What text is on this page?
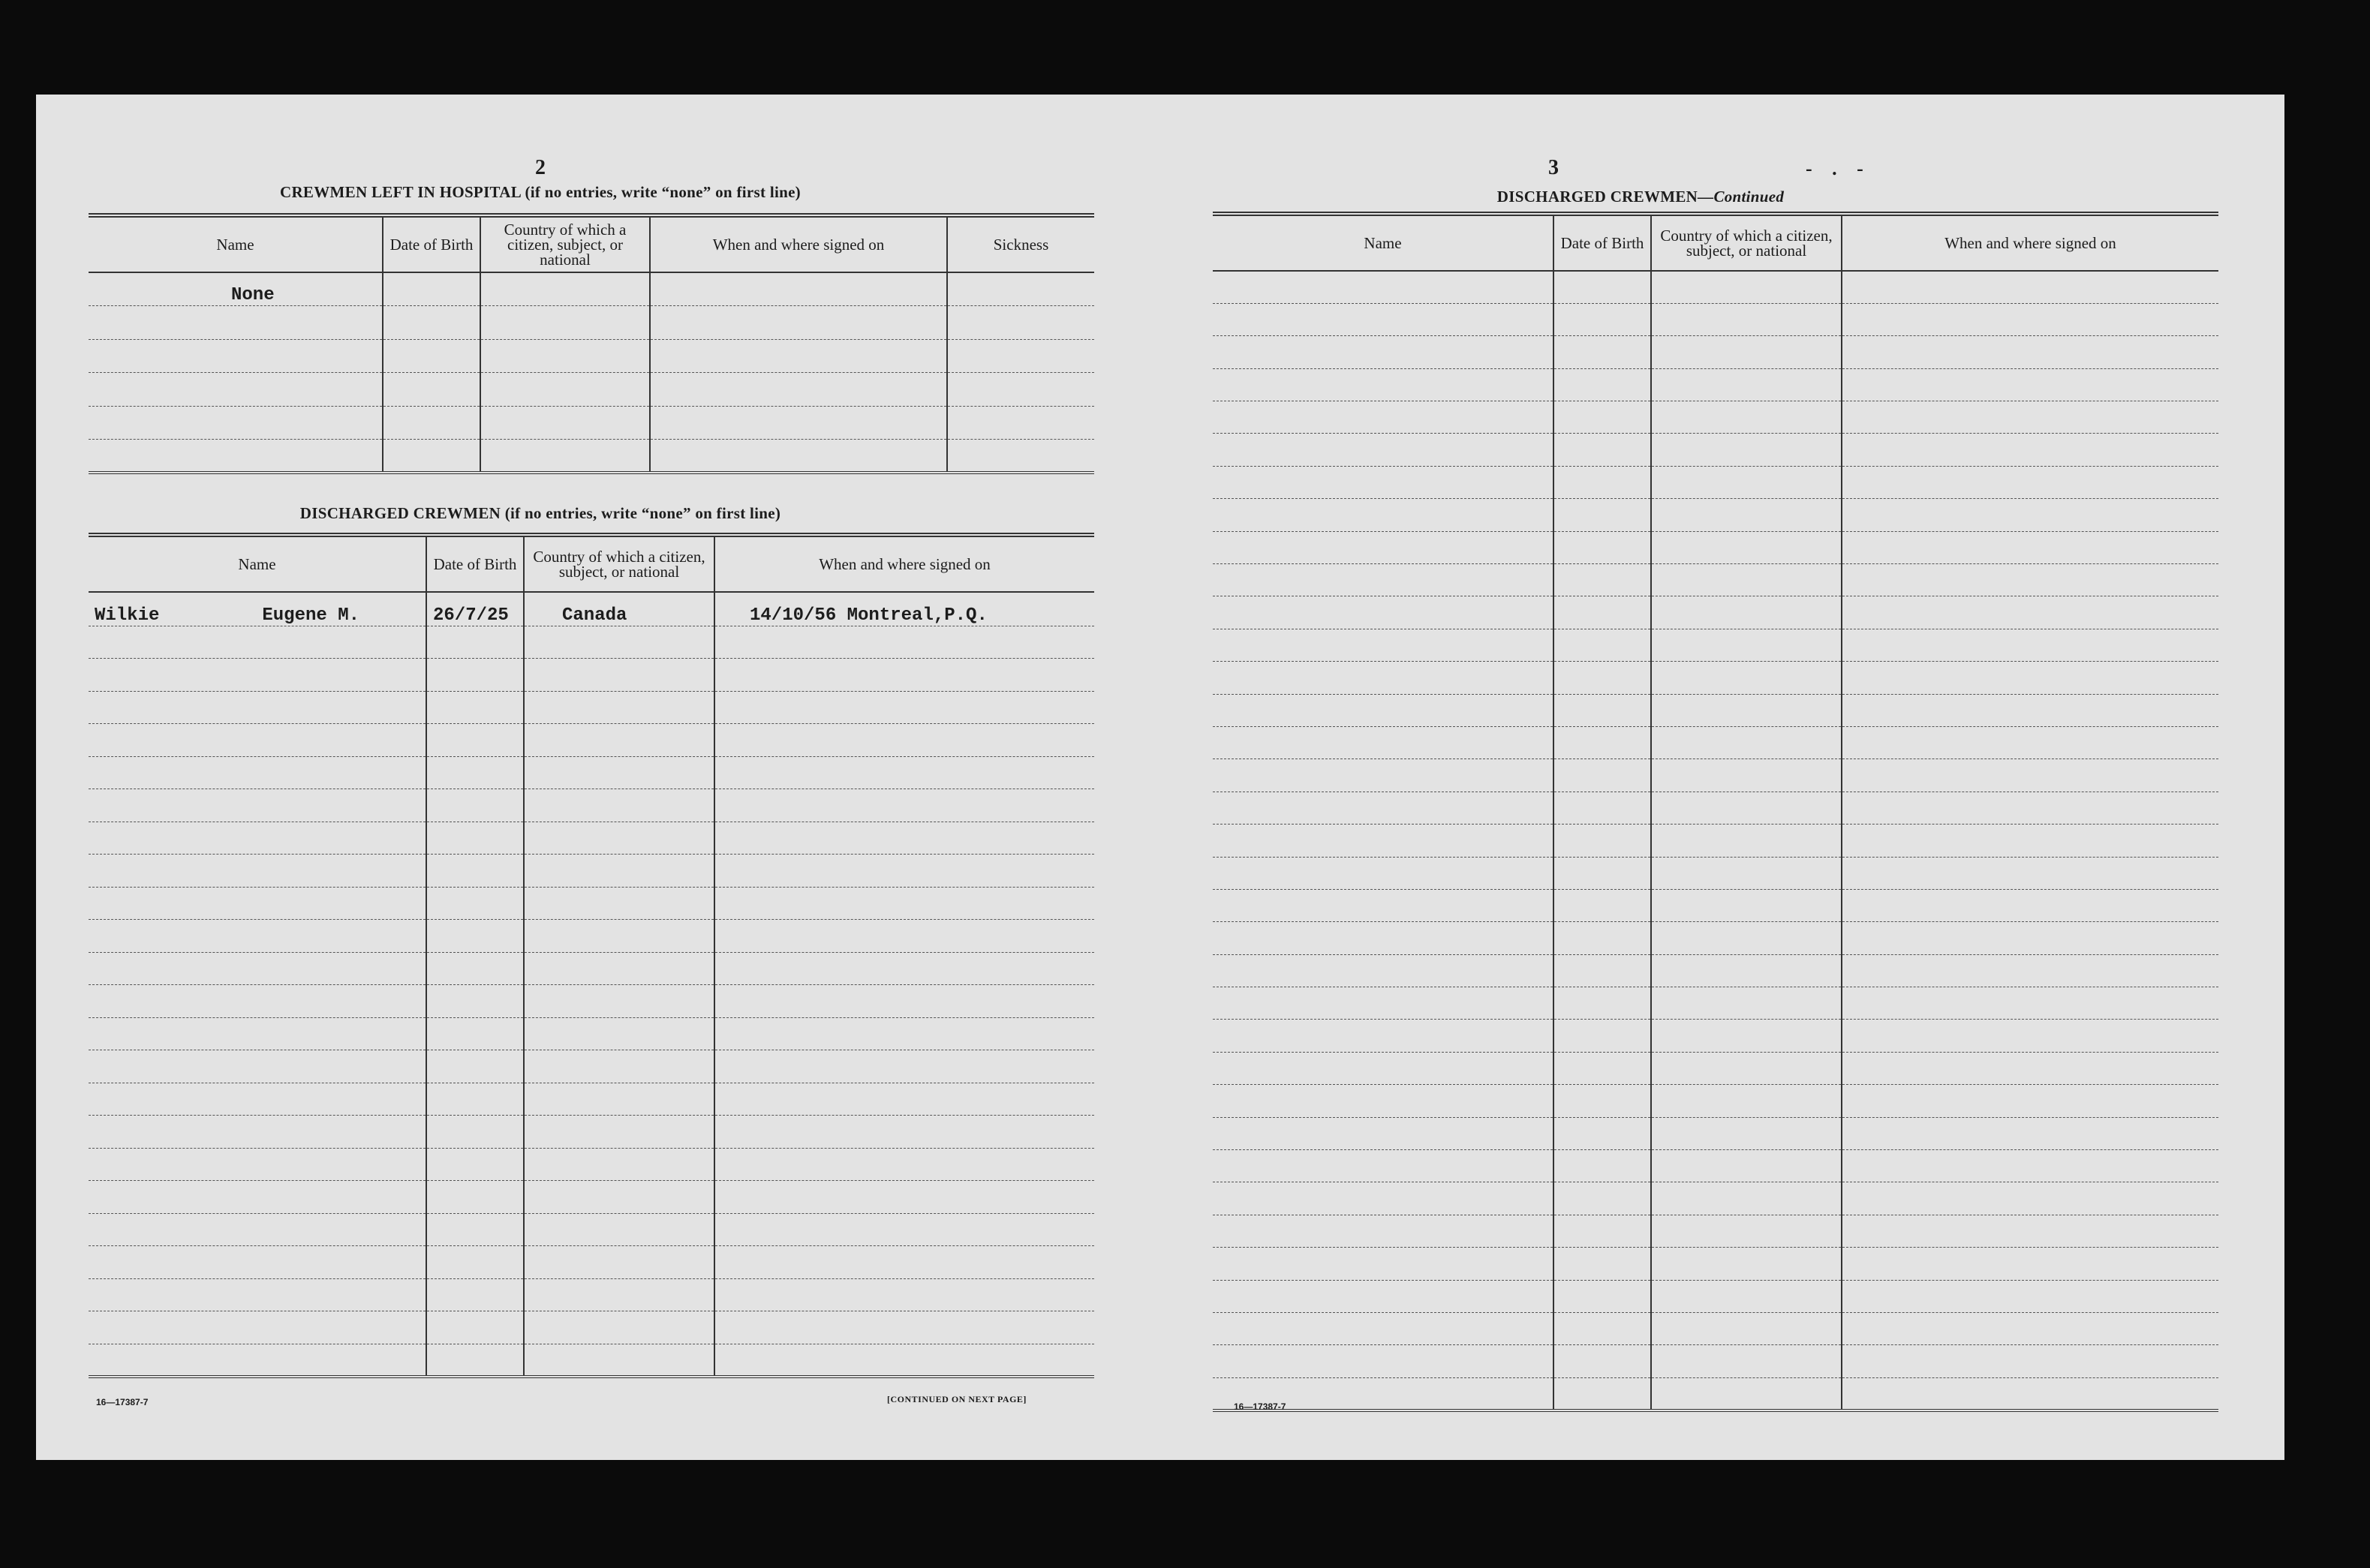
2
CREWMEN LEFT IN HOSPITAL (if no entries, write “none” on first line)
Name	Date of Birth	Country of which a citizen, subject, or national	When and where signed on	Sickness
None				

DISCHARGED CREWMEN (if no entries, write “none” on first line)
Name	Date of Birth	Country of which a citizen, subject, or national	When and where signed on

Wilkie Eugene M.	26/7/25	Canada	14/10/56 Montreal,P.Q.

16—17387-7	[CONTINUED ON NEXT PAGE]
3	- . -
DISCHARGED CREWMEN—Continued
Name	Date of Birth	Country of which a citizen, subject, or national	When and where signed on

16—17387-7
